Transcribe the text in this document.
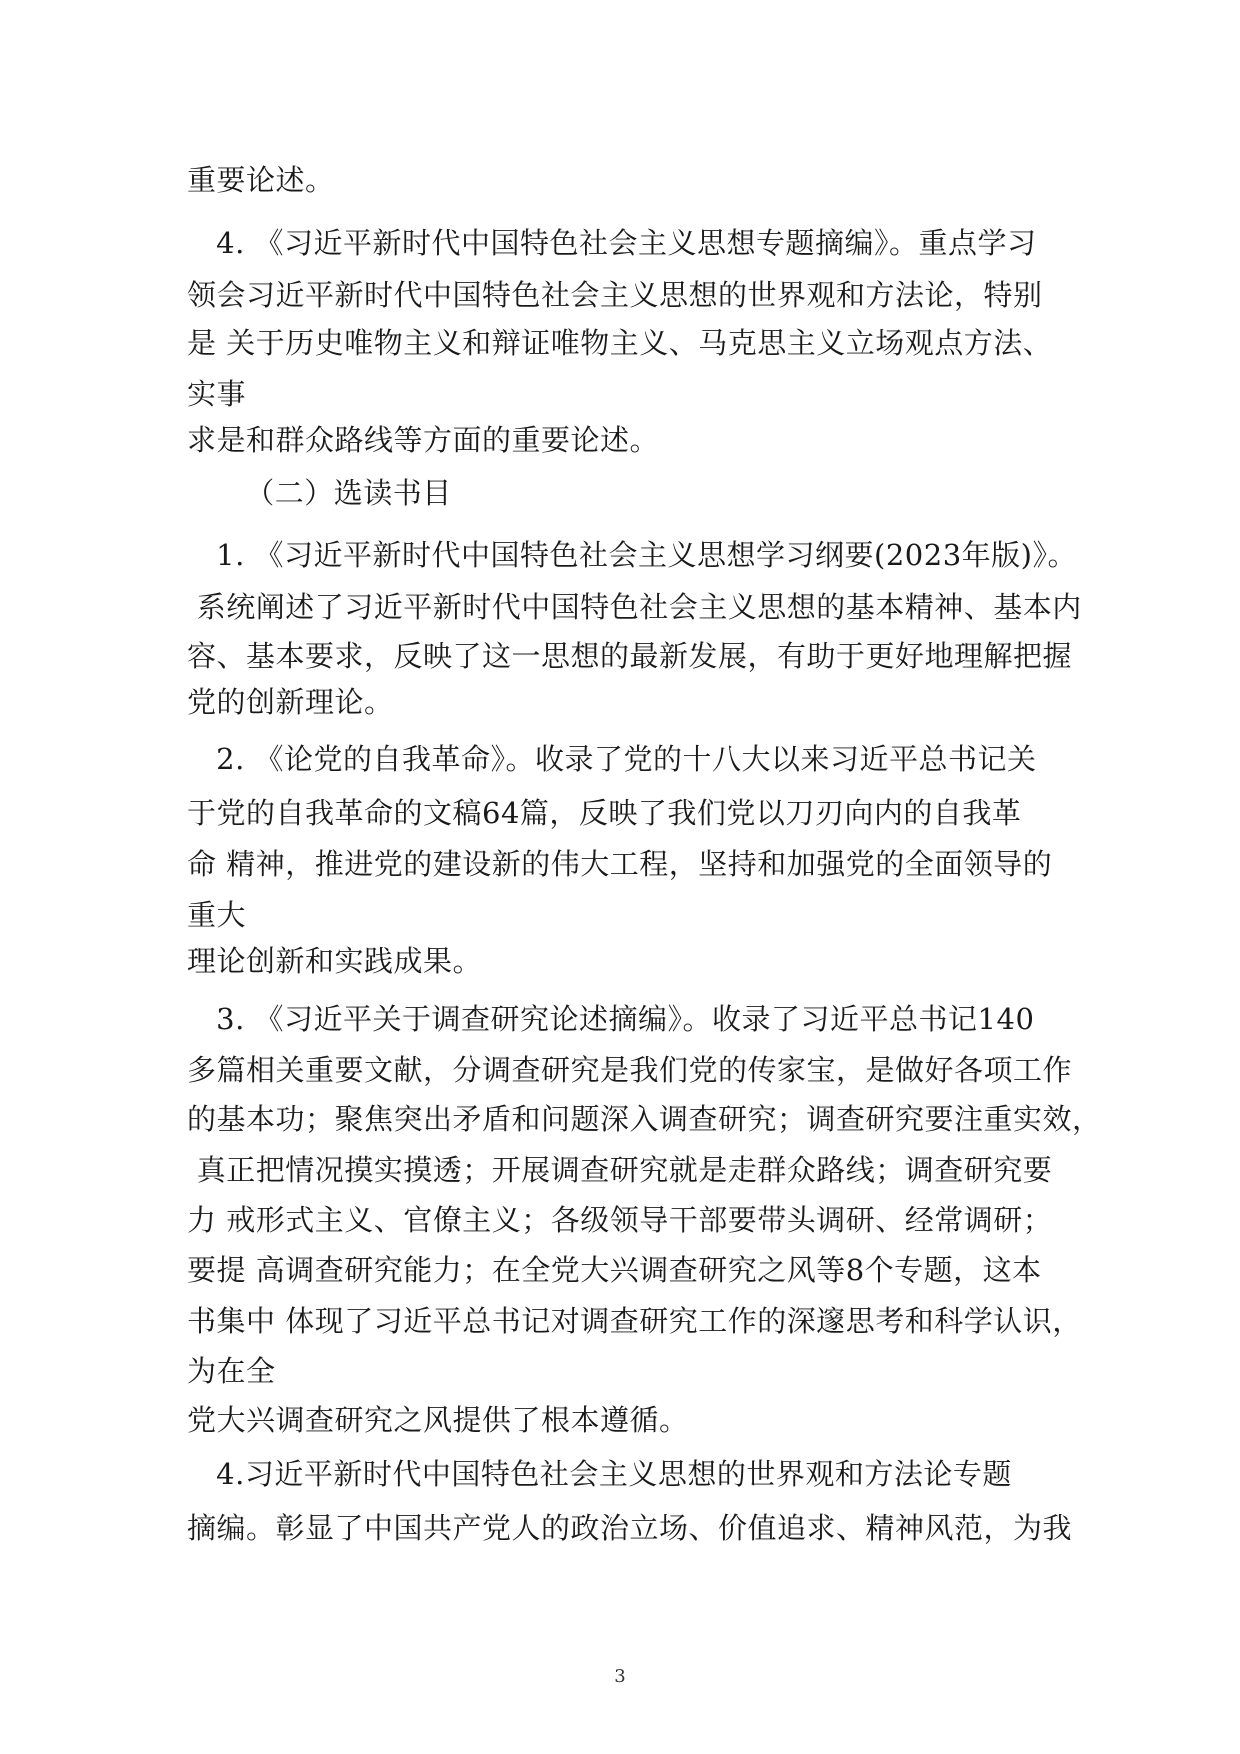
重要论述。
4. 《习近平新时代中国特色社会主义思想专题摘编》。重点学习
领会习近平新时代中国特色社会主义思想的世界观和方法论，特别
是 关于历史唯物主义和辩证唯物主义、马克思主义立场观点方法、
实事
求是和群众路线等方面的重要论述。
（二）选读书目
1. 《习近平新时代中国特色社会主义思想学习纲要(2023年版)》。
系统阐述了习近平新时代中国特色社会主义思想的基本精神、基本内
容、基本要求，反映了这一思想的最新发展，有助于更好地理解把握
党的创新理论。
2. 《论党的自我革命》。收录了党的十八大以来习近平总书记关
于党的自我革命的文稿64篇，反映了我们党以刀刃向内的自我革
命 精神，推进党的建设新的伟大工程，坚持和加强党的全面领导的
重大
理论创新和实践成果。
3. 《习近平关于调查研究论述摘编》。收录了习近平总书记140
多篇相关重要文献，分调查研究是我们党的传家宝，是做好各项工作
的基本功；聚焦突出矛盾和问题深入调查研究；调查研究要注重实效，
真正把情况摸实摸透；开展调查研究就是走群众路线；调查研究要
力 戒形式主义、官僚主义；各级领导干部要带头调研、经常调研；
要提 高调查研究能力；在全党大兴调查研究之风等8个专题，这本
书集中 体现了习近平总书记对调查研究工作的深邃思考和科学认识，
为在全
党大兴调查研究之风提供了根本遵循。
4.习近平新时代中国特色社会主义思想的世界观和方法论专题
摘编。彰显了中国共产党人的政治立场、价值追求、精神风范，为我
3
